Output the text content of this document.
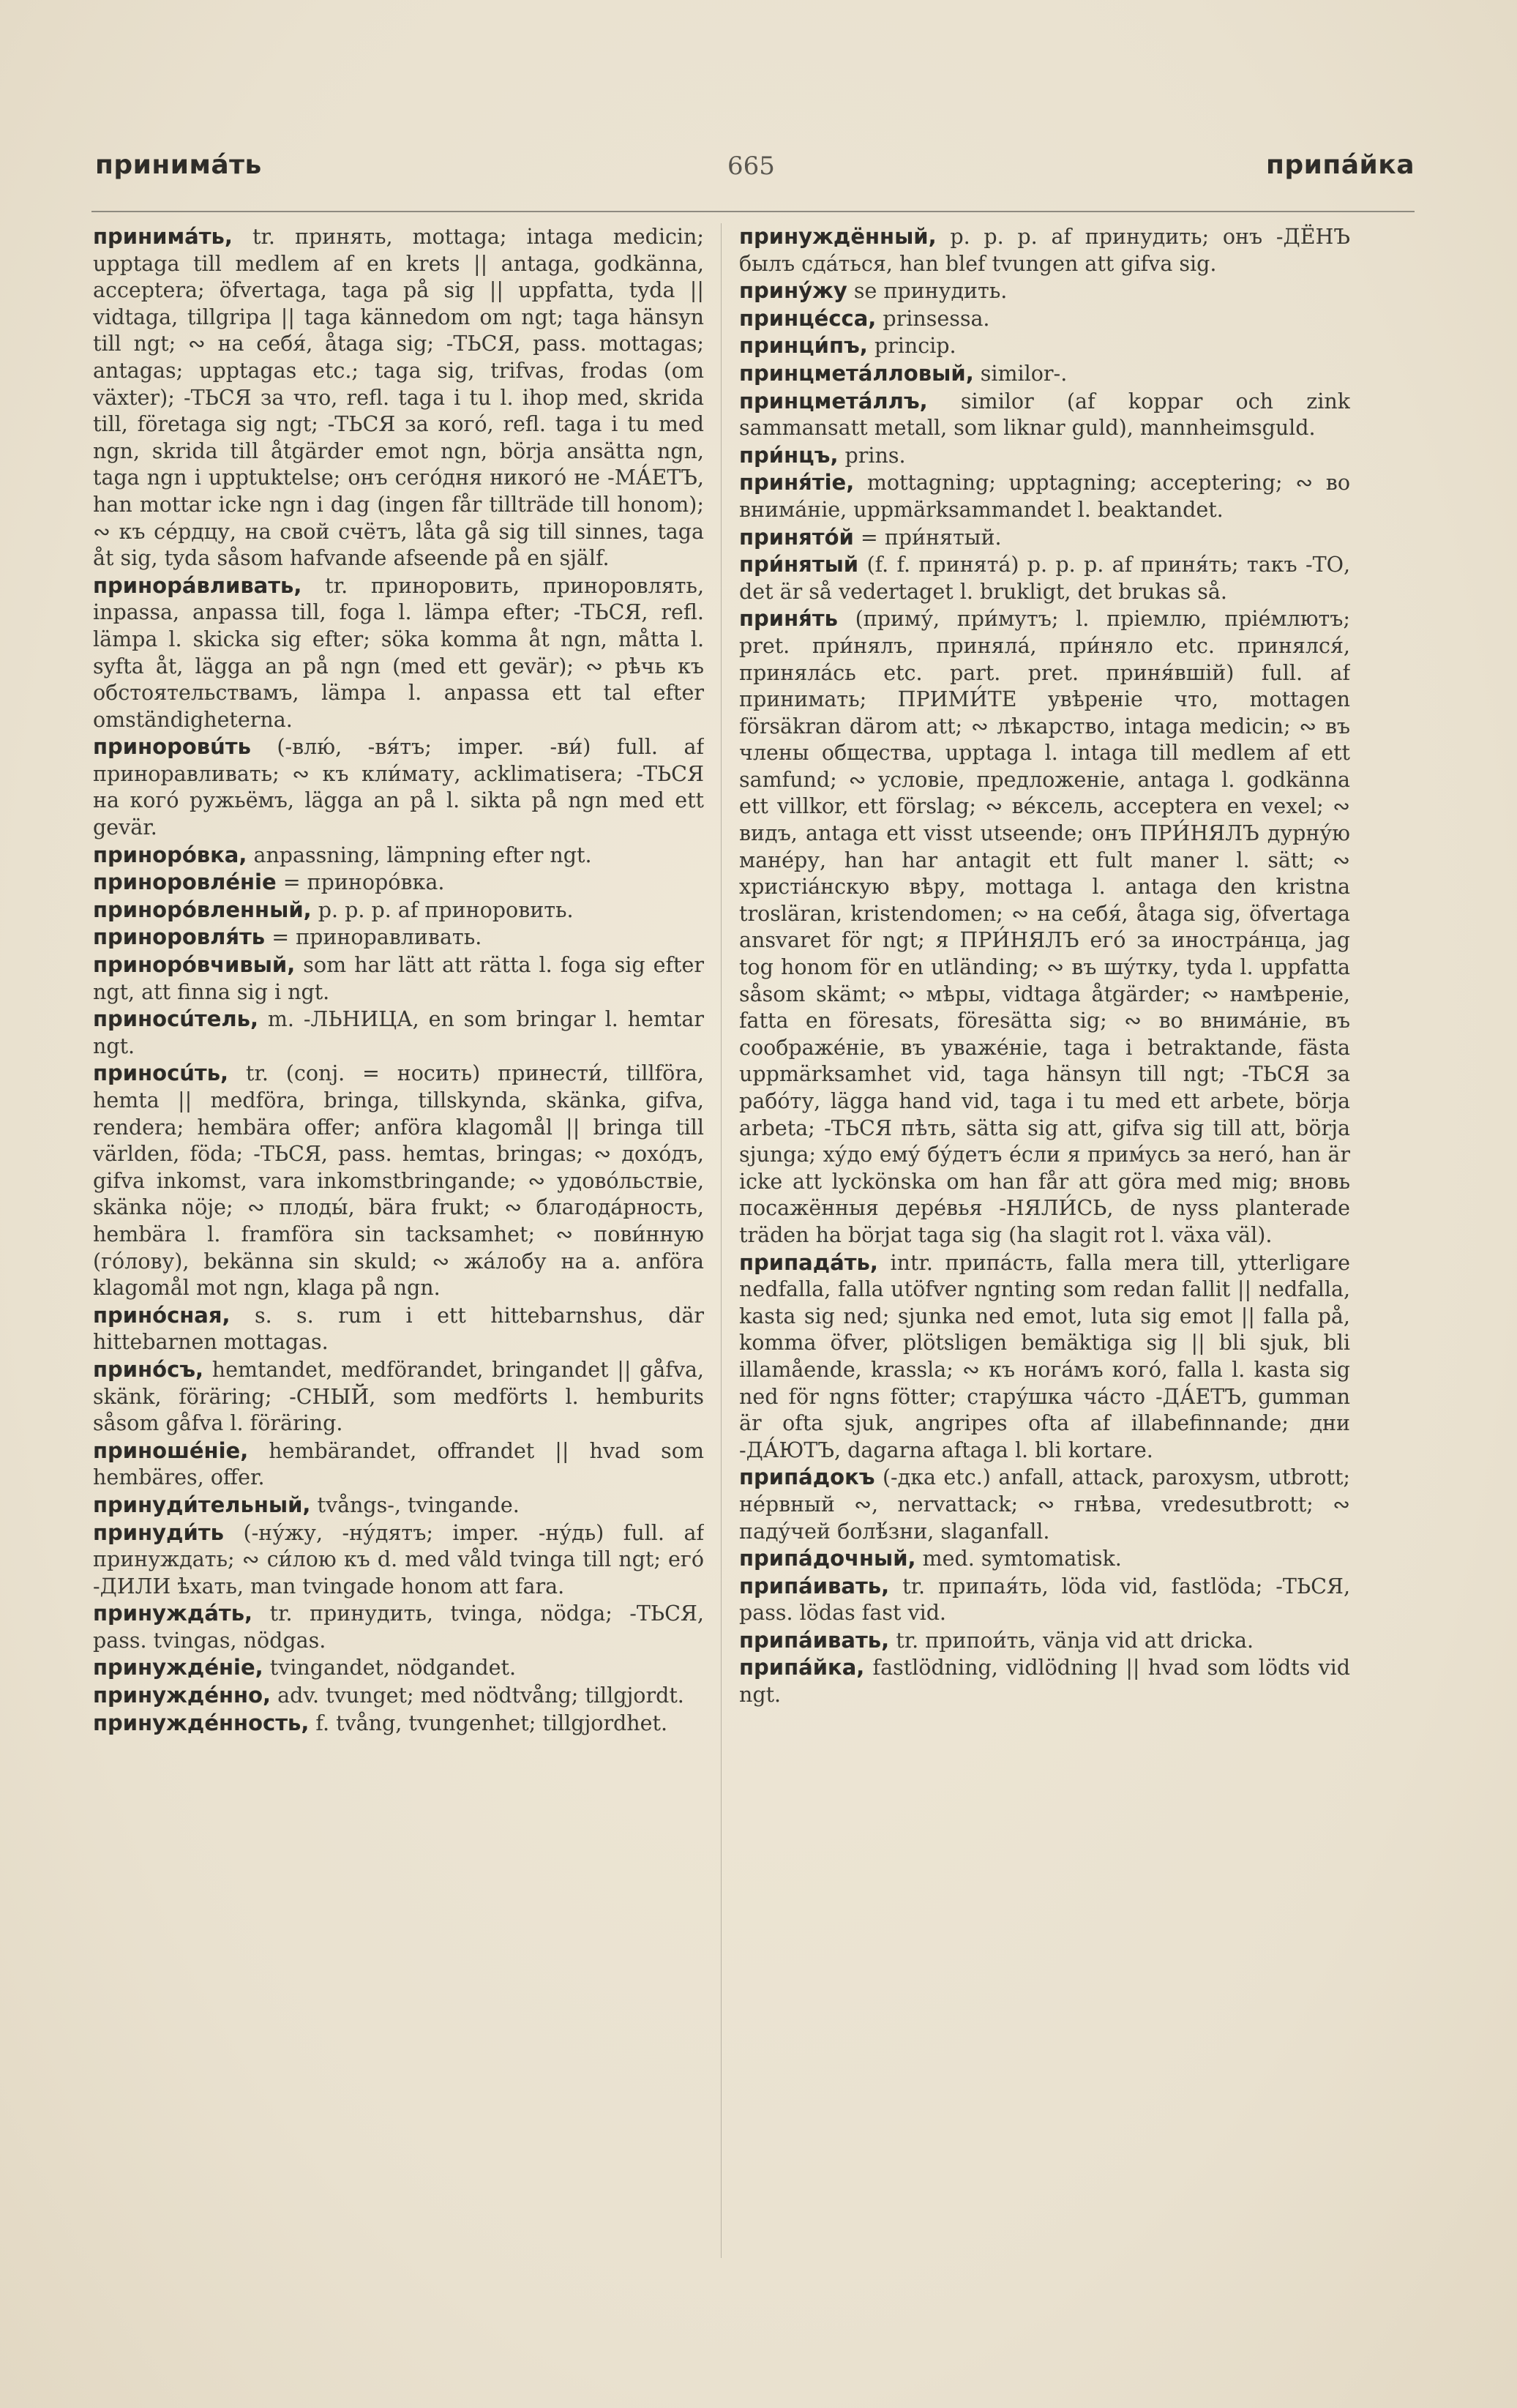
принимáть	665	припáйка

принимáть, tr. принять, mottaga; intaga medicin; upptaga till medlem af en krets || antaga, godkänna, acceptera; öfvertaga, taga på sig || uppfatta, tyda || vidtaga, tillgripa || taga kännedom om ngt; taga hänsyn till ngt; ∾ на себя́, åtaga sig; -ТЬСЯ, pass. mottagas; antagas; upptagas etc.; taga sig, trifvas, frodas (om växter); -ТЬСЯ за что, refl. taga i tu l. ihop med, skrida till, företaga sig ngt; -ТЬСЯ за кого́, refl. taga i tu med ngn, skrida till åtgärder emot ngn, börja ansätta ngn, taga ngn i upptuktelse; онъ сего́дня никого́ не -МА́ЕТЪ, han mottar icke ngn i dag (ingen får tillträde till honom); ∾ къ се́рдцу, на свой счётъ, låta gå sig till sinnes, taga åt sig, tyda såsom hafvande afseende på en själf.

принорáвливать, tr. приноровить, приноровлять, inpassa, anpassa till, foga l. lämpa efter; -ТЬСЯ, refl. lämpa l. skicka sig efter; söka komma åt ngn, måtta l. syfta åt, lägga an på ngn (med ett gevär); ∾ рѣчь къ обстоятельствамъ, lämpa l. anpassa ett tal efter omständigheterna.

приноровúть (-влю́, -вя́тъ; imper. -ви́) full. af приноравливать; ∾ къ кли́мату, acklimatisera; -ТЬСЯ на кого́ ружьёмъ, lägga an på l. sikta på ngn med ett gevär.

приноро́вка, anpassning, lämpning efter ngt.

приноровлéніе = принoро́вка.

приноро́вленный, p. p. p. af приноровить.

приноровля́ть = приноравливать.

приноро́вчивый, som har lätt att rätta l. foga sig efter ngt, att finna sig i ngt.

приносúтель, m. -ЛЬНИЦА, en som bringar l. hemtar ngt.

приносúть, tr. (conj. = носить) принести́, tillföra, hemta || medföra, bringa, tillskynda, skänka, gifva, rendera; hembära offer; anföra klagomål || bringa till världen, föda; -ТЬСЯ, pass. hemtas, bringas; ∾ дохо́дъ, gifva inkomst, vara inkomstbringande; ∾ удово́льствіе, skänka nöje; ∾ плоды́, bära frukt; ∾ благода́рность, hembära l. framföra sin tacksamhet; ∾ пови́нную (го́лову), bekänna sin skuld; ∾ жа́лобу на а. anföra klagomål mot ngn, klaga på ngn.

прино́сная, s. s. rum i ett hittebarnshus, där hittebarnen mottagas.

прино́съ, hemtandet, medförandet, bringandet || gåfva, skänk, föräring; -СНЫЙ, som medförts l. hemburits såsom gåfva l. föräring.

приношéніе, hembärandet, offrandet || hvad som hembäres, offer.

принуди́тельный, tvångs-, tvingande.

принуди́ть (-ну́жу, -ну́дятъ; imper. -ну́дь) full. af принуждать; ∾ си́лою къ d. med våld tvinga till ngt; его́ -ДИЛИ ѣхать, man tvingade honom att fara.

принуждáть, tr. принудить, tvinga, nödga; -ТЬСЯ, pass. tvingas, nödgas.

принуждéніе, tvingandet, nödgandet.

принуждéнно, adv. tvunget; med nödtvång; tillgjordt.

принуждéнность, f. tvång, tvungenhet; tillgjordhet.

принуждённый, p. p. p. af принудить; онъ -ДЁНЪ былъ сда́ться, han blef tvungen att gifva sig.

прину́жу se принудить.

принцéсса, prinsessa.

принци́пъ, princip.

принцметáлловый, similor-.

принцметáллъ, similor (af koppar och zink sammansatt metall, som liknar guld), mannheimsguld.

при́нцъ, prins.

приня́тіе, mottagning; upptagning; accepterіng; ∾ во внима́ніе, uppmärksammandet l. beaktandet.

принято́й = при́нятый.

при́нятый (f. f. принята́) p. p. p. af приня́ть; такъ -ТО, det är så vedertaget l. brukligt, det brukas så.

приня́ть (приму́, при́мутъ; l. пріемлю, пріе́млютъ; pret. при́нялъ, приняла́, при́няло etc. принялся́, приняла́сь etc. part. pret. приня́вшій) full. af принимать; ПРИМИ́ТЕ увѣреніе что, mottagen försäkran därom att; ∾ лѣкарство, intaga medicin; ∾ въ члены общества, upptaga l. intaga till medlem af ett samfund; ∾ условіе, предложеніе, antaga l. godkänna ett villkor, ett förslag; ∾ ве́ксель, acceptera en vexel; ∾ видъ, antaga ett visst utseende; онъ ПРИ́НЯЛЪ дурну́ю мане́ру, han har antagit ett fult maner l. sätt; ∾ христіа́нскую вѣру, mottaga l. antaga den kristna trosläran, kristendomen; ∾ на себя́, åtaga sig, öfvertaga ansvaret för ngt; я ПРИ́НЯЛЪ его́ за иностра́нца, jag tog honom för en utländing; ∾ въ шу́тку, tyda l. uppfatta såsom skämt; ∾ мѣры, vidtaga åtgärder; ∾ намѣреніе, fatta en föresats, föresätta sig; ∾ во внима́ніе, въ соображе́ніе, въ уваже́ніе, taga i betraktande, fästa uppmärksamhet vid, taga hänsyn till ngt; -ТЬСЯ за рабо́ту, lägga hand vid, taga i tu med ett arbete, börja arbeta; -ТЬСЯ пѣть, sätta sig att, gifva sig till att, börja sjunga; ху́до ему́ бу́детъ е́сли я прим́усь за него́, han är icke att lyckönska om han får att göra med mig; вновь посажённыя дере́вья -НЯЛИ́СЬ, de nyss planterade träden ha börjat taga sig (ha slagit rot l. växa väl).

припадáть, intr. припа́сть, falla mera till, ytterligare nedfalla, falla utöfver ngnting som redan fallit || nedfalla, kasta sig ned; sjunka ned emot, luta sig emot || falla på, komma öfver, plötsligen bemäktiga sig || bli sjuk, bli illamående, krassla; ∾ къ нога́мъ кого́, falla l. kasta sig ned för ngns fötter; стару́шка ча́сто -ДА́ЕТЪ, gumman är ofta sjuk, angripes ofta af illabefinnande; дни -ДА́ЮТЪ, dagarna aftaga l. bli kortare.

припáдокъ (-дка etc.) anfall, attack, paroxysm, utbrott; не́рвный ∾, nervattack; ∾ гнѣва, vredesutbrott; ∾ паду́чей болѣ́зни, slaganfall.

припáдочный, med. symtomatisk.

припáивать, tr. припая́ть, löda vid, fastlöda; -ТЬСЯ, pass. lödas fast vid.

припáивать, tr. припои́ть, vänja vid att dricka.

припáйка, fastlödning, vidlödning || hvad som lödts vid ngt.
